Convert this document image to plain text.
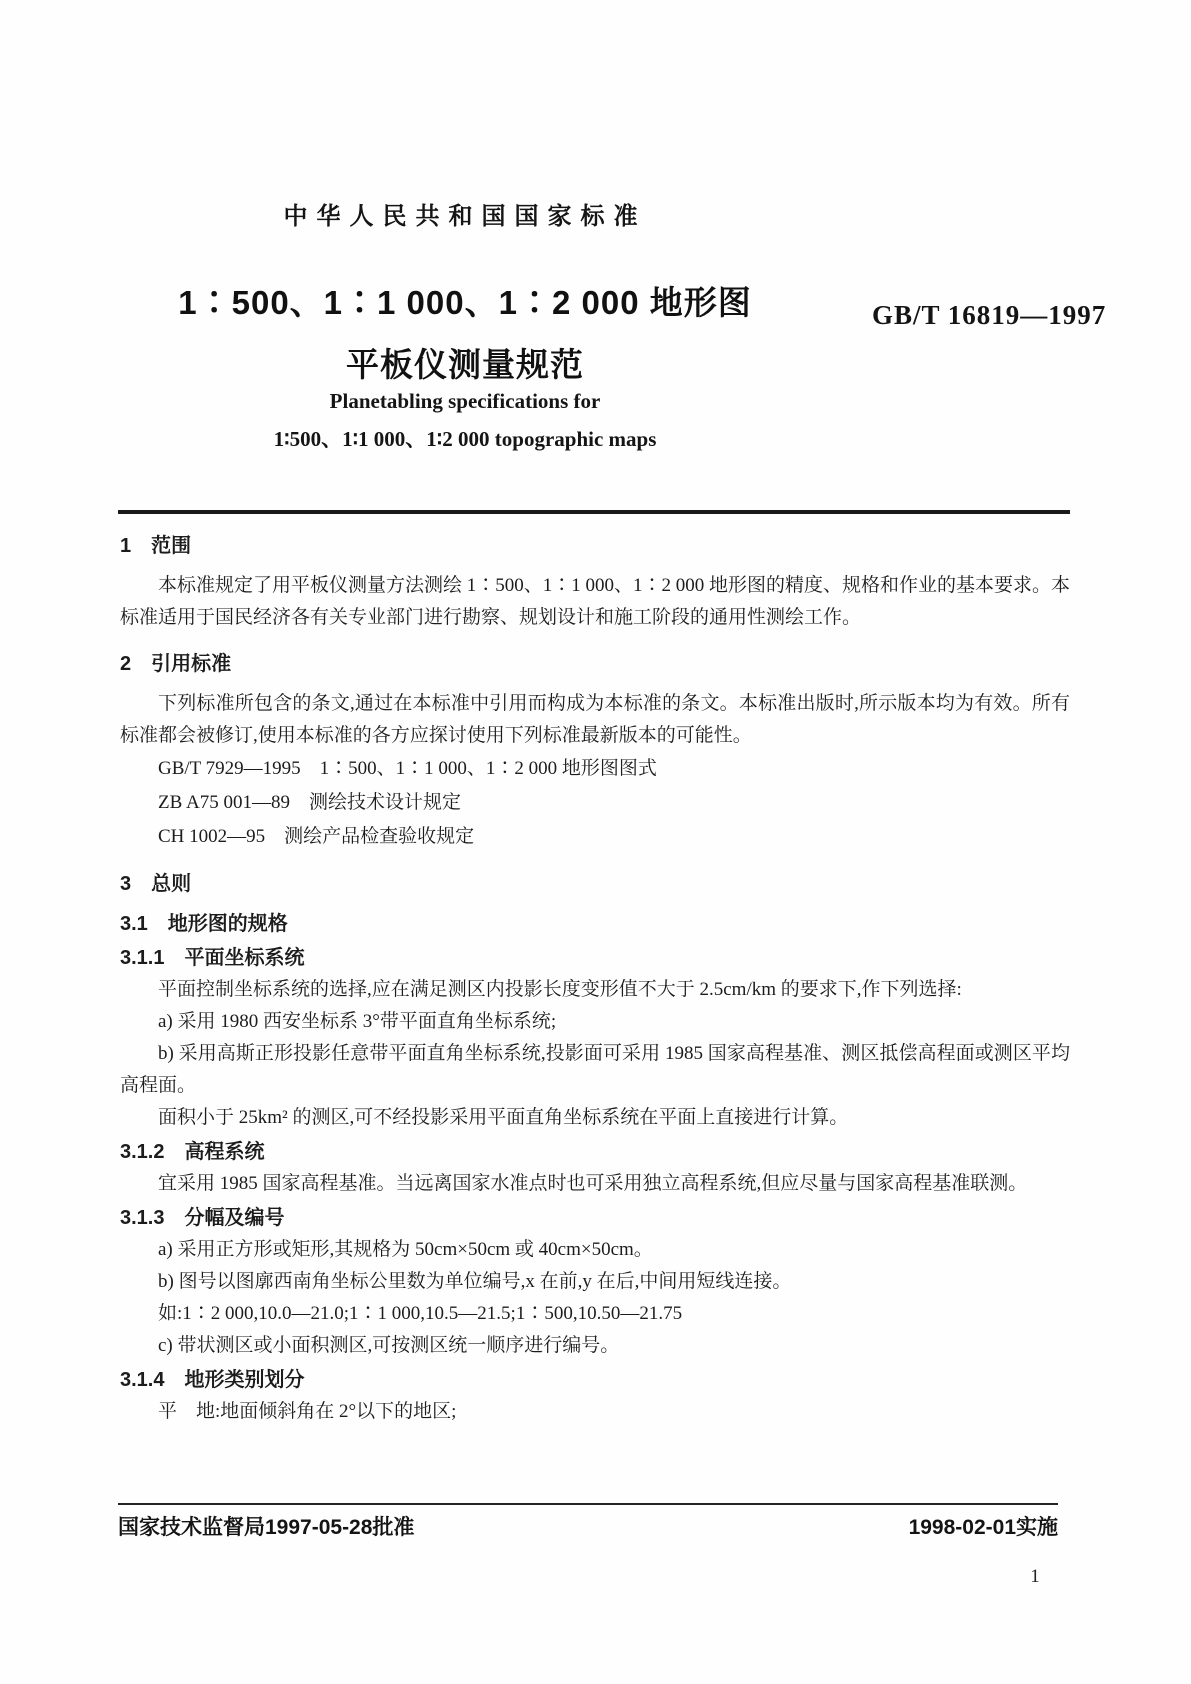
中华人民共和国国家标准
1∶500、1∶1 000、1∶2 000 地形图
平板仪测量规范
GB/T 16819—1997
Planetabling specifications for
1∶500、1∶1 000、1∶2 000 topographic maps
1　范围

本标准规定了用平板仪测量方法测绘 1∶500、1∶1 000、1∶2 000 地形图的精度、规格和作业的基本要求。本标准适用于国民经济各有关专业部门进行勘察、规划设计和施工阶段的通用性测绘工作。

2　引用标准

下列标准所包含的条文,通过在本标准中引用而构成为本标准的条文。本标准出版时,所示版本均为有效。所有标准都会被修订,使用本标准的各方应探讨使用下列标准最新版本的可能性。

GB/T 7929—1995　1∶500、1∶1 000、1∶2 000 地形图图式

ZB A75 001—89　测绘技术设计规定

CH 1002—95　测绘产品检查验收规定

3　总则
3.1　地形图的规格
3.1.1　平面坐标系统

平面控制坐标系统的选择,应在满足测区内投影长度变形值不大于 2.5cm/km 的要求下,作下列选择:

a) 采用 1980 西安坐标系 3°带平面直角坐标系统;

b) 采用高斯正形投影任意带平面直角坐标系统,投影面可采用 1985 国家高程基准、测区抵偿高程面或测区平均高程面。

面积小于 25km² 的测区,可不经投影采用平面直角坐标系统在平面上直接进行计算。

3.1.2　高程系统

宜采用 1985 国家高程基准。当远离国家水准点时也可采用独立高程系统,但应尽量与国家高程基准联测。

3.1.3　分幅及编号

a) 采用正方形或矩形,其规格为 50cm×50cm 或 40cm×50cm。

b) 图号以图廓西南角坐标公里数为单位编号,x 在前,y 在后,中间用短线连接。

如:1∶2 000,10.0—21.0;1∶1 000,10.5—21.5;1∶500,10.50—21.75

c) 带状测区或小面积测区,可按测区统一顺序进行编号。

3.1.4　地形类别划分

平　地:地面倾斜角在 2°以下的地区;

国家技术监督局1997-05-28批准	1998-02-01实施
1
